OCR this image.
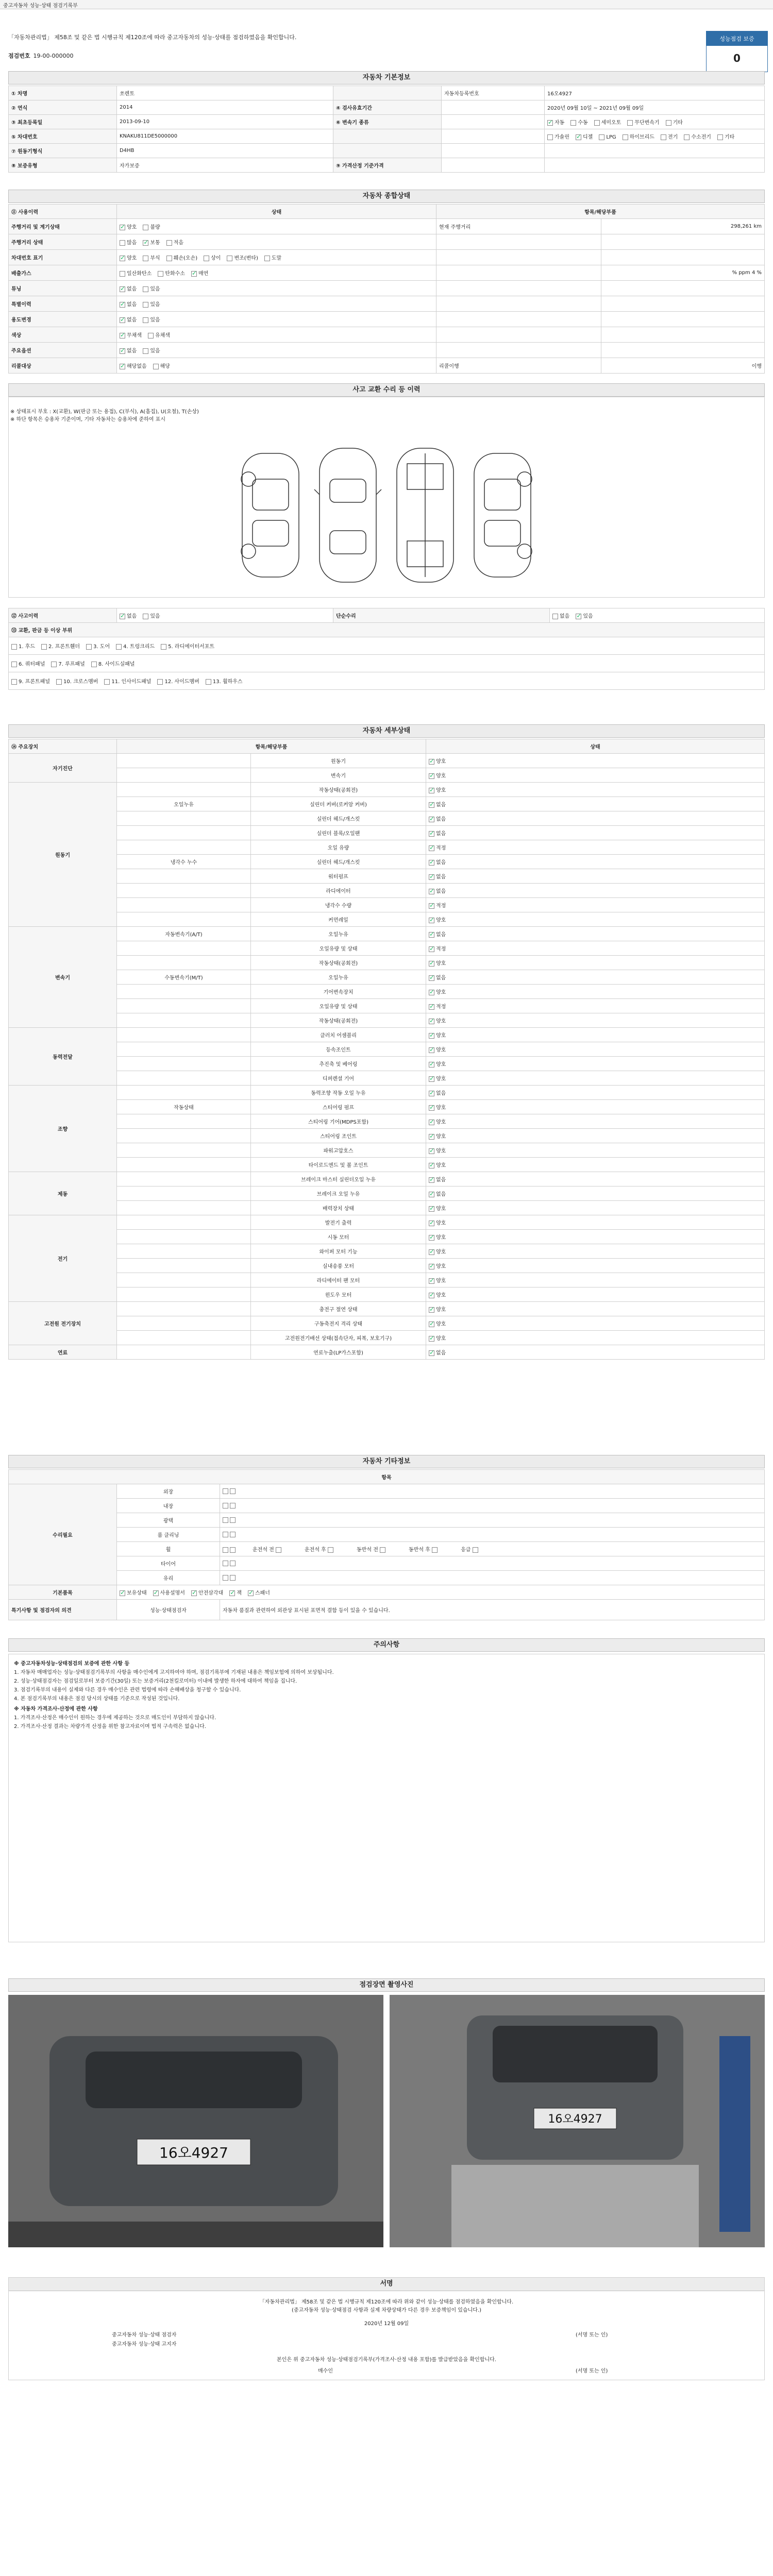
중고자동차 성능·상태 점검기록부
「자동차관리법」 제58조 및 같은 법 시행규칙 제120조에 따라 중고자동차의 성능·상태를 점검하였음을 확인합니다.
점검번호 19-00-000000
성능점검 보증
0
자동차 기본정보
① 차명	쏘렌토		자동차등록번호	16오4927
② 연식	2014	④ 검사유효기간		2020년 09월 10일 ~ 2021년 09월 09일
③ 최초등록일	2013-09-10	⑥ 변속기 종류		✓자동 수동 세미오토 무단변속기 기타
⑤ 차대번호	KNAKU811DE5000000			가솔린 ✓ 디젤 LPG 하이브리드 전기 수소전기 기타
⑦ 원동기형식	D4HB			
⑧ 보증유형	자가보증	⑨ 가격산정 기준가격		
자동차 종합상태
⑪ 사용이력	상태	항목/해당부품	
주행거리 및 계기상태	✓양호 불량	현재 주행거리	298,261 km
주행거리 상태	많음 ✓ 보통 적음		
차대번호 표기	✓양호 부식 훼손(오손) 상이 변조(변타) 도말		
배출가스	일산화탄소 탄화수소 ✓ 매연		% ppm 4 %
튜닝	✓없음 있음		
특별이력	✓없음 있음		
용도변경	✓없음 있음		
색상	✓무채색 유채색		
주요옵션	✓없음 있음		
리콜대상	✓해당없음 해당	리콜이행	이행
사고 교환 수리 등 이력
※ 상태표시 부호 : X(교환), W(판금 또는 용접), C(부식), A(흠집), U(요철), T(손상)
※ 하단 항목은 승용차 기준이며, 기타 자동차는 승용차에 준하여 표시
⑫ 사고이력	✓없음	있음	단순수리	없음 ✓	있음
⑬ 교환, 판금 등 이상 부위
1. 후드	2. 프론트휀더	3. 도어	4. 트렁크리드	5. 라디에이터서포트
6. 쿼터패널	7. 루프패널	8. 사이드실패널
9. 프론트패널	10. 크로스멤버	11. 인사이드패널	12. 사이드멤버	13. 휠하우스
자동차 세부상태
⑭ 주요장치	항목/해당부품		상태
자기진단		원동기	✓양호
		변속기	✓양호
원동기		작동상태(공회전)	✓양호
	오일누유	실린더 커버(로커암 커버)	✓없음
		실린더 헤드/개스킷	✓없음
		실린더 블록/오일팬	✓없음
		오일 유량	✓적정
	냉각수 누수	실린더 헤드/개스킷	✓없음
		워터펌프	✓없음
		라디에이터	✓없음
		냉각수 수량	✓적정
		커먼레일	✓양호
변속기	자동변속기(A/T)	오일누유	✓없음
		오일유량 및 상태	✓적정
		작동상태(공회전)	✓양호
	수동변속기(M/T)	오일누유	✓없음
		기어변속장치	✓양호
		오일유량 및 상태	✓적정
		작동상태(공회전)	✓양호
동력전달		클러치 어셈블리	✓양호
		등속조인트	✓양호
		추진축 및 베어링	✓양호
		디퍼렌셜 기어	✓양호
조향		동력조향 작동 오일 누유	✓없음
	작동상태	스티어링 펌프	✓양호
		스티어링 기어(MDPS포함)	✓양호
		스티어링 조인트	✓양호
		파워고압호스	✓양호
		타이로드엔드 및 볼 조인트	✓양호
제동		브레이크 마스터 실린더오일 누유	✓없음
		브레이크 오일 누유	✓없음
		배력장치 상태	✓양호
전기		발전기 출력	✓양호
		시동 모터	✓양호
		와이퍼 모터 기능	✓양호
		실내송풍 모터	✓양호
		라디에이터 팬 모터	✓양호
		윈도우 모터	✓양호
고전원 전기장치		충전구 절연 상태	✓양호
		구동축전지 격리 상태	✓양호
		고전원전기배선 상태(접속단자, 피복, 보호기구)	✓양호
연료		연료누출(LP가스포함)	✓없음
자동차 기타정보
항목		
수리필요	외장	
	내장	
	광택	
	룸 클리닝	
	휠	운전석 전 운전석 후 동반석 전 동반석 후 응급
	타이어	
	유리	
기본품목	✓보유상태 ✓ 사용설명서 ✓ 안전삼각대 ✓ 잭 ✓ 스패너
특기사항 및 점검자의 의견	성능·상태점검자	자동차 품질과 관련하여 외관상 표시된 표면적 결함 등이 있을 수 있습니다.
주의사항

※ 중고자동차성능·상태점검의 보증에 관한 사항 등

1. 자동차 매매업자는 성능·상태점검기록부의 사항을 매수인에게 고지하여야 하며, 점검기록부에 기재된 내용은 책임보험에 의하여 보상됩니다.

2. 성능·상태점검자는 점검일로부터 보증기간(30일) 또는 보증거리(2천킬로미터) 이내에 발생한 하자에 대하여 책임을 집니다.

3. 점검기록부의 내용이 실제와 다른 경우 매수인은 관련 법령에 따라 손해배상을 청구할 수 있습니다.

4. 본 점검기록부의 내용은 점검 당시의 상태를 기준으로 작성된 것입니다.

※ 자동차 가격조사·산정에 관한 사항

1. 가격조사·산정은 매수인이 원하는 경우에 제공하는 것으로 매도인이 부담하지 않습니다.

2. 가격조사·산정 결과는 차량가격 산정을 위한 참고자료이며 법적 구속력은 없습니다.

점검장면 촬영사진
16오4927
16오4927
서명
「자동차관리법」 제58조 및 같은 법 시행규칙 제120조에 따라 위와 같이 성능·상태를 점검하였음을 확인합니다.
(중고자동차 성능·상태점검 사항과 실제 차량상태가 다른 경우 보증책임이 있습니다.)
2020년 12월 09일
중고자동차 성능·상태 점검자	(서명 또는 인)
중고자동차 성능·상태 고지자
본인은 위 중고자동차 성능·상태점검기록부(가격조사·산정 내용 포함)를 발급받았음을 확인합니다.
매수인	(서명 또는 인)
